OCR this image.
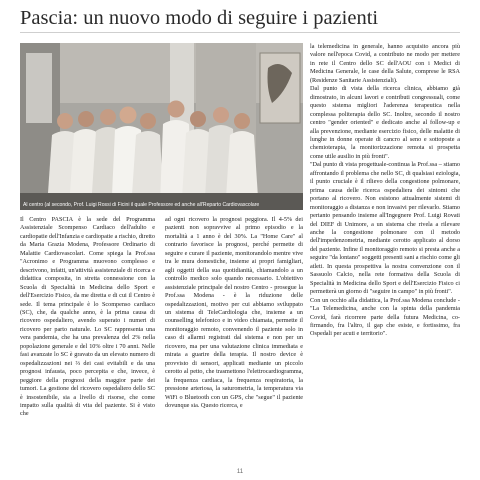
Pascia: un nuovo modo di seguire i pazienti
Al centro (al secondo, Prof. Luigi Rossi di Ficini il quale Professore ed anche all'Reparto Cardiovascolare

Il Centro PASCIA è la sede del Programma Assistenziale Scompenso Cardiaco dell'adulto e cardiopatie dell'Infanzia e cardiopatie a rischio, diretto da Maria Grazia Modena, Professore Ordinario di Malattie Cardiovascolari. Come spiega la Prof.ssa "Acronimo e Programma muovono complesso e descrivono, infatti, un'attività assistenziale di ricerca e didattica composita, in stretta connessione con la Scuola di Specialità in Medicina dello Sport e dell'Esercizio Fisico, da me diretta e di cui il Centro è sede. Il tema principale è lo Scompenso cardiaco (SC), che, da qualche anno, è la prima causa di ricovero ospedaliero, avendo superato i numeri di ricovero per parto naturale. Lo SC rappresenta una vera pandemia, che ha una prevalenza del 2% nella popolazione generale e del 10% oltre i 70 anni. Nelle fasi avanzate lo SC è gravato da un elevato numero di ospedalizzazioni nei ⅔ dei casi evitabili e da una prognosi infausta, poco percepita e che, invece, è peggiore della prognosi della maggior parte dei tumori. La gestione del ricovero ospedaliero dello SC è insostenibile, sia a livello di risorse, che come impatto sulla qualità di vita del paziente. Si è visto che

ad ogni ricovero la prognosi peggiora. Il 4-5% dei pazienti non sopravvive al primo episodio e la mortalità a 1 anno è del 30%. La "Home Care" al contrario favorisce la prognosi, perché permette di seguire e curare il paziente, monitorandolo mentre vive tra le mura domestiche, insieme ai propri famigliari, agli oggetti della sua quotidianità, chiamandolo a un controllo medico solo quando necessario. L'obiettivo assistenziale principale del nostro Centro - prosegue la Prof.ssa Modena - è la riduzione delle ospedalizzazioni, motivo per cui abbiamo sviluppato un sistema di TeleCardiologia che, insieme a un counselling telefonico e in video chiamata, permette il monitoraggio remoto, convenendo il paziente solo in caso di allarmi registrati dal sistema e non per un ricovero, ma per una valutazione clinica immediata e mirata a guarire della terapia. Il nostro device è provvisto di sensori, applicati mediante un piccolo cerotto al petto, che trasmettono l'elettrocardiogramma, la frequenza cardiaca, la frequenza respiratoria, la pressione arteriosa, la saturometria, la temperatura via WiFi o Bluetooth con un GPS, che "segue" il paziente dovunque sia. Questo ricerca, e

la telemedicina in generale, hanno acquisito ancora più valore nell'epoca Covid, a contributo ne modo per mettere in rete il Centro dello SC dell'AOU con i Medici di Medicina Generale, le case della Salute, comprese le RSA (Residenze Sanitarie Assistenziali).

Dal punto di vista della ricerca clinica, abbiamo già dimostrato, in alcuni lavori e contributi congressuali, come questo sistema migliori l'aderenza terapeutica nella complessa politerapia dello SC. Inoltre, secondo il nostro centro "gender oriented" e dedicato anche al follow-up e alla prevenzione, mediante esercizio fisico, delle malattie di lunghe in donne operate di cancro al seno e sottoposte a chemioterapia, la monitorizzazione remota si prospetta come utile ausilio in più fronti".

"Dal punto di vista progettuale-continua la Prof.ssa – stiamo affrontando il problema che nello SC, di qualsiasi eziologia, il punto cruciale è il rilievo della congestione polmonare, prima causa delle ricerca ospedaliera dei sintomi che portano al ricovero. Non esistono attualmente sistemi di monitoraggio a distanza e non invasivi per rilevarlo. Stiamo pertanto pensando insieme all'Ingegnere Prof. Luigi Rovati del DIEF di Unimore, a un sistema che rivela a rilevare anche la congestione polmonare con il metodo dell'impedenzometria, mediante cerotto applicato al dorso del paziente. Infine il monitoraggio remoto si presta anche a seguire "da lontano" soggetti presenti sani a rischio come gli atleti. In questa prospettiva la nostra convenzione con il Sassuolo Calcio, nella rete formativa della Scuola di Specialità in Medicina dello Sport e dell'Esercizio Fisico ci permetterà un giorno di "seguire in campo" in più fronti".

Con un occhio alla didattica, la Prof.ssa Modena conclude - "La Telemedicina, anche con la spinta della pandemia Covid, farà ricorrere parte della futura Medicina, co-firmando, fra l'altro, il gap che esiste, e fortissimo, fra Ospedali per acuti e territorio".

11
